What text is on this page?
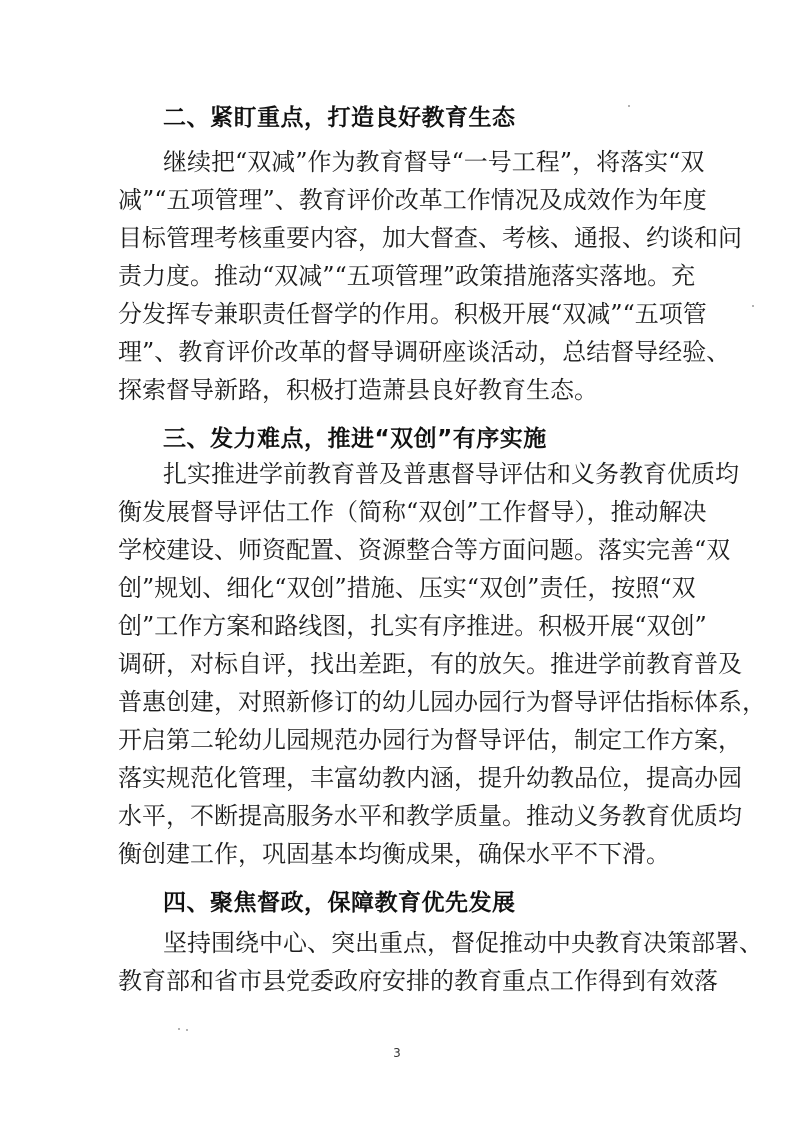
二、紧盯重点，打造良好教育生态
继续把“双减”作为教育督导“一号工程”，将落实“双
减”“五项管理”、教育评价改革工作情况及成效作为年度
目标管理考核重要内容，加大督查、考核、通报、约谈和问
责力度。推动“双减”“五项管理”政策措施落实落地。充
分发挥专兼职责任督学的作用。积极开展“双减”“五项管
理”、教育评价改革的督导调研座谈活动，总结督导经验、
探索督导新路，积极打造萧县良好教育生态。
三、发力难点，推进“双创”有序实施
扎实推进学前教育普及普惠督导评估和义务教育优质均
衡发展督导评估工作（简称“双创”工作督导），推动解决
学校建设、师资配置、资源整合等方面问题。落实完善“双
创”规划、细化“双创”措施、压实“双创”责任，按照“双
创”工作方案和路线图，扎实有序推进。积极开展“双创”
调研，对标自评，找出差距，有的放矢。推进学前教育普及
普惠创建，对照新修订的幼儿园办园行为督导评估指标体系，
开启第二轮幼儿园规范办园行为督导评估，制定工作方案，
落实规范化管理，丰富幼教内涵，提升幼教品位，提高办园
水平，不断提高服务水平和教学质量。推动义务教育优质均
衡创建工作，巩固基本均衡成果，确保水平不下滑。
四、聚焦督政，保障教育优先发展
坚持围绕中心、突出重点，督促推动中央教育决策部署、
教育部和省市县党委政府安排的教育重点工作得到有效落
3
